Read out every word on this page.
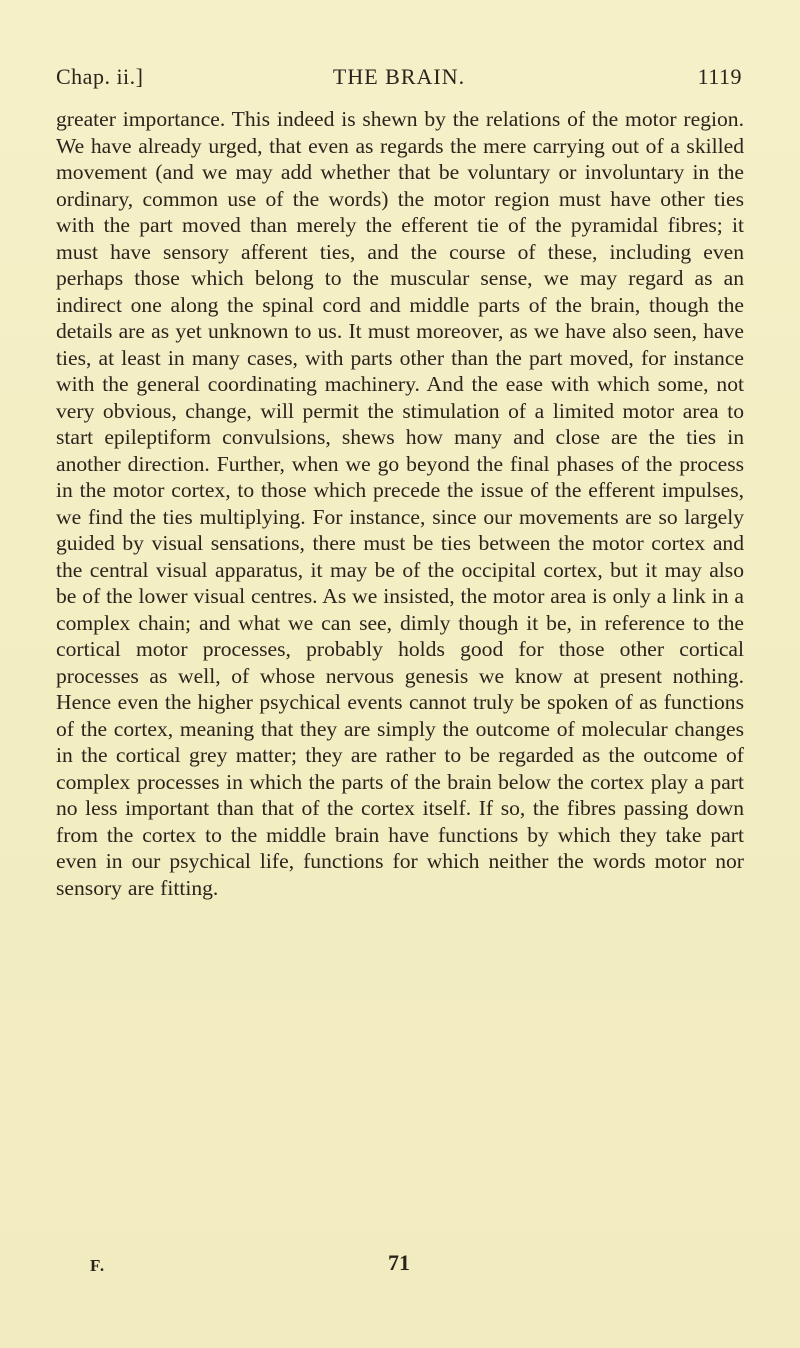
Chap. ii.]	THE BRAIN.	1119

greater importance. This indeed is shewn by the relations of the motor region. We have already urged, that even as regards the mere carrying out of a skilled movement (and we may add whether that be voluntary or involuntary in the ordinary, common use of the words) the motor region must have other ties with the part moved than merely the efferent tie of the pyramidal fibres; it must have sensory afferent ties, and the course of these, including even perhaps those which belong to the muscular sense, we may regard as an indirect one along the spinal cord and middle parts of the brain, though the details are as yet unknown to us. It must moreover, as we have also seen, have ties, at least in many cases, with parts other than the part moved, for instance with the general coordinating machinery. And the ease with which some, not very obvious, change, will permit the stimulation of a limited motor area to start epileptiform convulsions, shews how many and close are the ties in another direction. Further, when we go beyond the final phases of the process in the motor cortex, to those which precede the issue of the efferent impulses, we find the ties multiplying. For instance, since our movements are so largely guided by visual sensations, there must be ties between the motor cortex and the central visual apparatus, it may be of the occipital cortex, but it may also be of the lower visual centres. As we insisted, the motor area is only a link in a complex chain; and what we can see, dimly though it be, in reference to the cortical motor processes, probably holds good for those other cortical processes as well, of whose nervous genesis we know at present nothing. Hence even the higher psychical events cannot truly be spoken of as functions of the cortex, meaning that they are simply the outcome of molecular changes in the cortical grey matter; they are rather to be regarded as the outcome of complex processes in which the parts of the brain below the cortex play a part no less important than that of the cortex itself. If so, the fibres passing down from the cortex to the middle brain have functions by which they take part even in our psychical life, functions for which neither the words motor nor sensory are fitting.

F.	71
